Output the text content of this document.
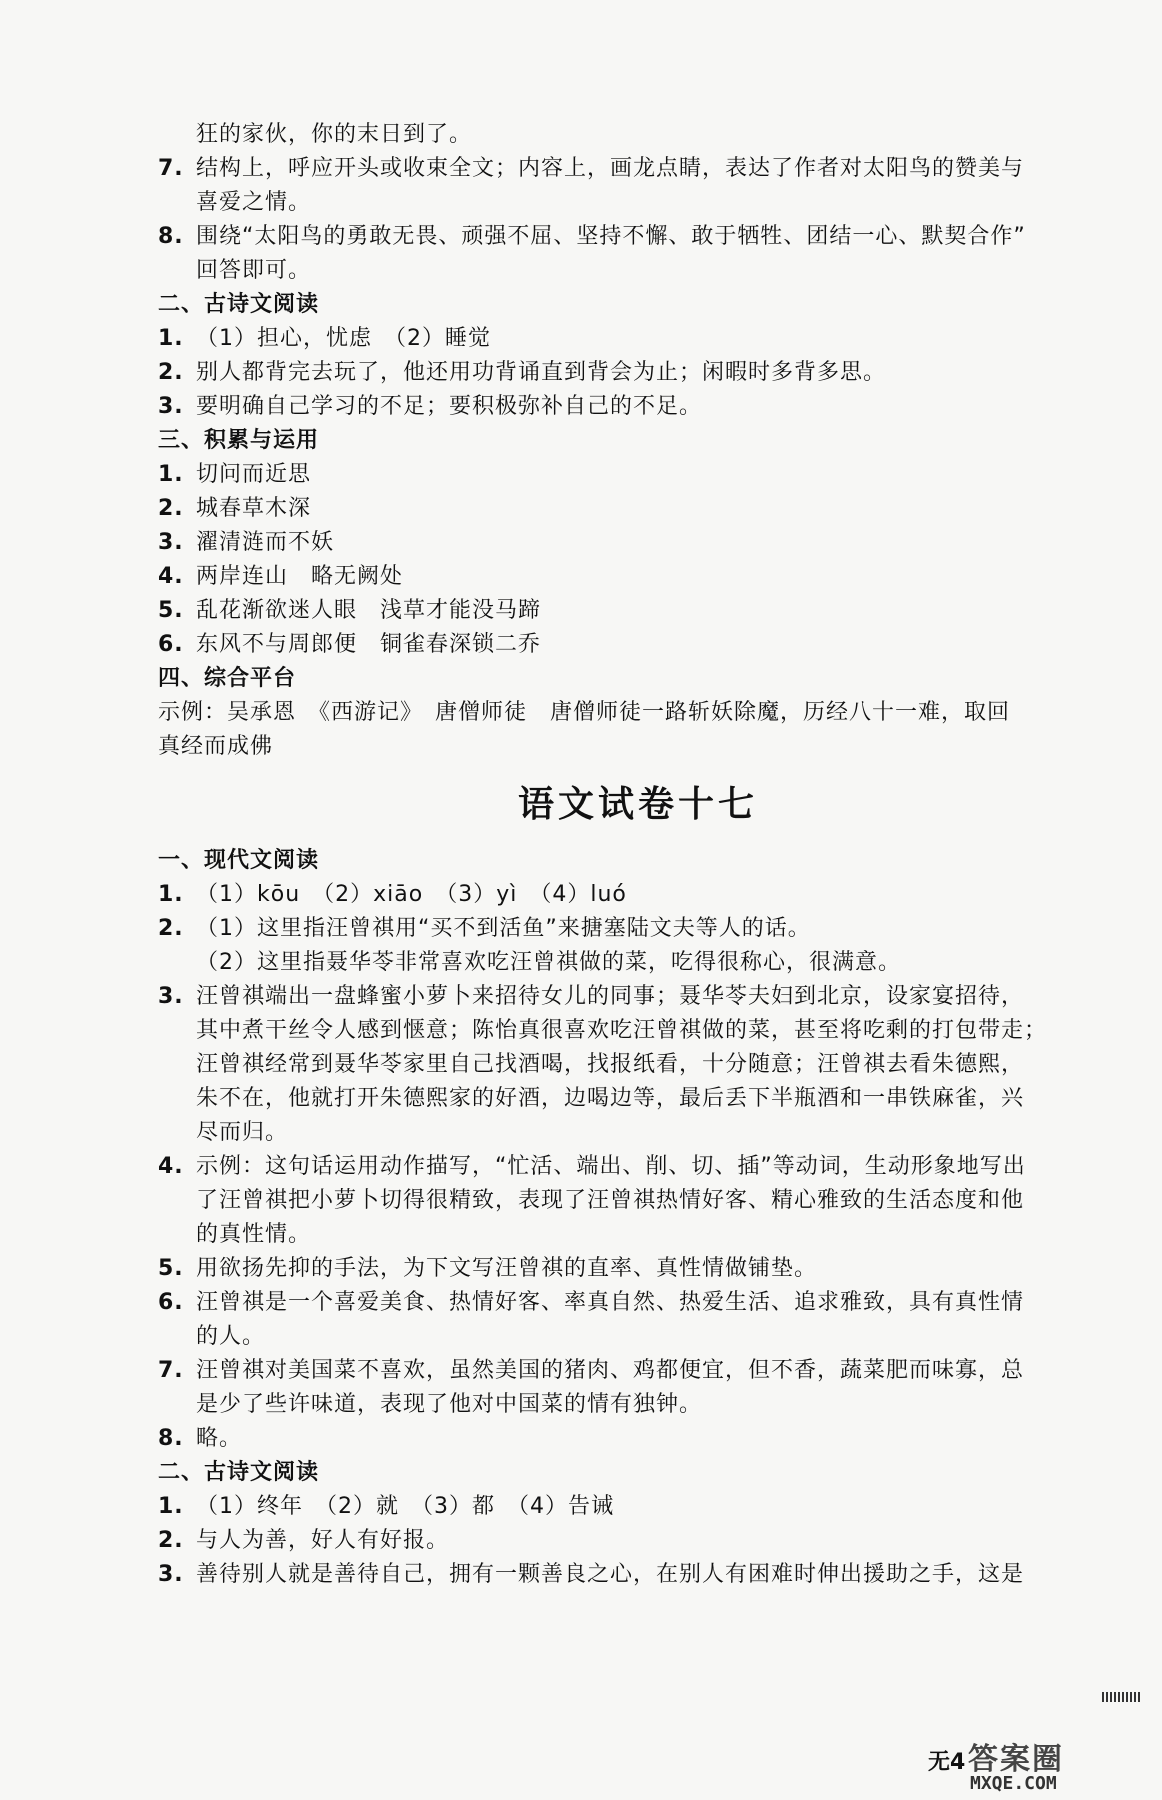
狂的家伙，你的末日到了。
7. 结构上，呼应开头或收束全文；内容上，画龙点睛，表达了作者对太阳鸟的赞美与
喜爱之情。
8. 围绕“太阳鸟的勇敢无畏、顽强不屈、坚持不懈、敢于牺牲、团结一心、默契合作”
回答即可。
二、古诗文阅读
1. （1）担心，忧虑　（2）睡觉
2. 别人都背完去玩了，他还用功背诵直到背会为止；闲暇时多背多思。
3. 要明确自己学习的不足；要积极弥补自己的不足。
三、积累与运用
1. 切问而近思
2. 城春草木深
3. 濯清涟而不妖
4. 两岸连山　略无阙处
5. 乱花渐欲迷人眼　浅草才能没马蹄
6. 东风不与周郎便　铜雀春深锁二乔
四、综合平台
示例：吴承恩　《西游记》　唐僧师徒　唐僧师徒一路斩妖除魔，历经八十一难，取回
真经而成佛
语文试卷十七
一、现代文阅读
1. （1）kōu　（2）xiāo　（3）yì　（4）luó
2. （1）这里指汪曾祺用“买不到活鱼”来搪塞陆文夫等人的话。
（2）这里指聂华苓非常喜欢吃汪曾祺做的菜，吃得很称心，很满意。
3. 汪曾祺端出一盘蜂蜜小萝卜来招待女儿的同事；聂华苓夫妇到北京，设家宴招待，
其中煮干丝令人感到惬意；陈怡真很喜欢吃汪曾祺做的菜，甚至将吃剩的打包带走；
汪曾祺经常到聂华苓家里自己找酒喝，找报纸看，十分随意；汪曾祺去看朱德熙，
朱不在，他就打开朱德熙家的好酒，边喝边等，最后丢下半瓶酒和一串铁麻雀，兴
尽而归。
4. 示例：这句话运用动作描写，“忙活、端出、削、切、插”等动词，生动形象地写出
了汪曾祺把小萝卜切得很精致，表现了汪曾祺热情好客、精心雅致的生活态度和他
的真性情。
5. 用欲扬先抑的手法，为下文写汪曾祺的直率、真性情做铺垫。
6. 汪曾祺是一个喜爱美食、热情好客、率真自然、热爱生活、追求雅致，具有真性情
的人。
7. 汪曾祺对美国菜不喜欢，虽然美国的猪肉、鸡都便宜，但不香，蔬菜肥而味寡，总
是少了些许味道，表现了他对中国菜的情有独钟。
8. 略。
二、古诗文阅读
1. （1）终年　（2）就　（3）都　（4）告诫
2. 与人为善，好人有好报。
3. 善待别人就是善待自己，拥有一颗善良之心，在别人有困难时伸出援助之手，这是
无4 答案圈
MXQE.COM
